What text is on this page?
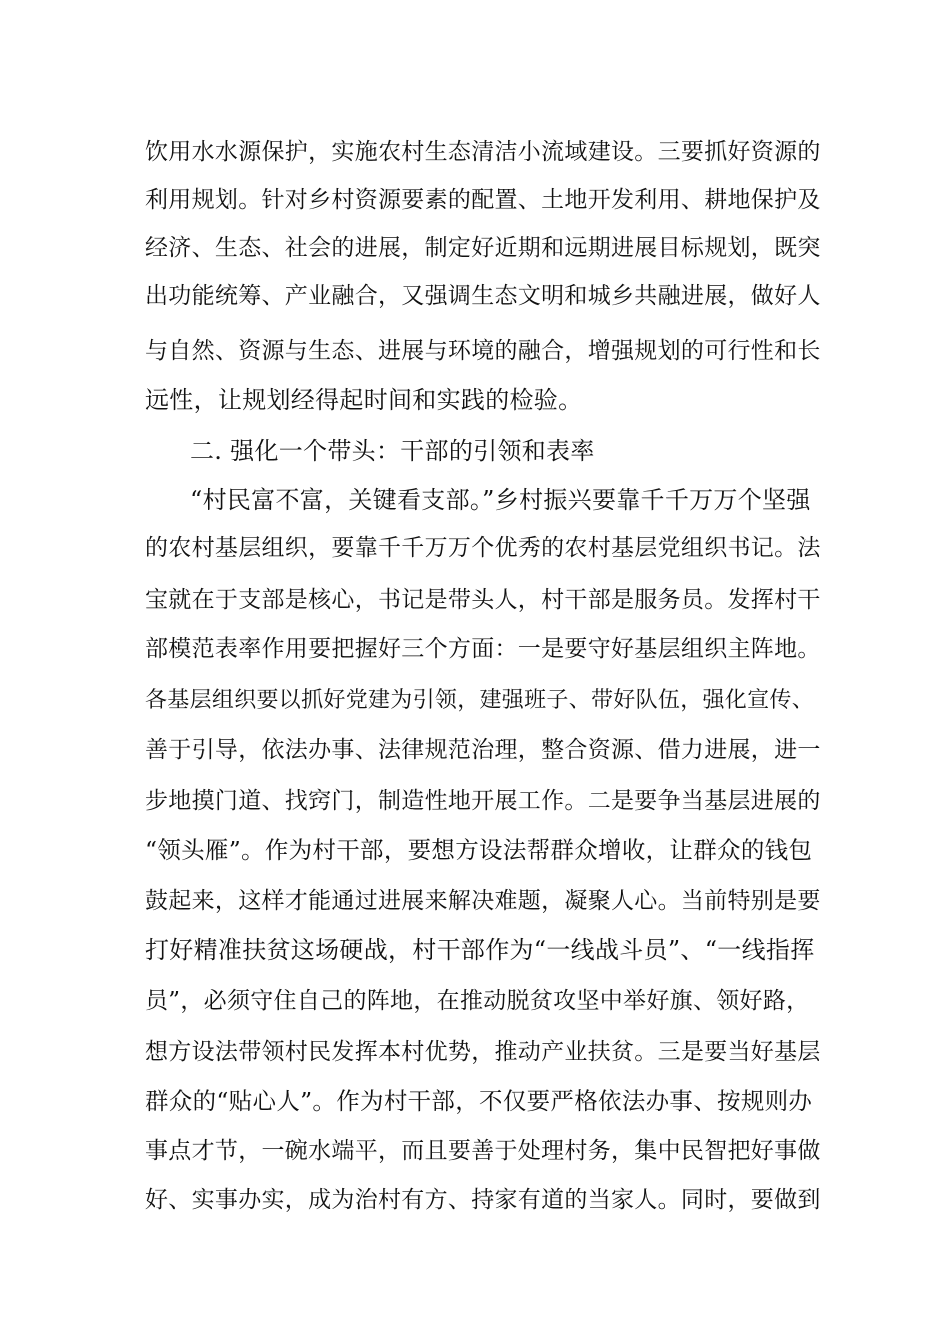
饮用水水源保护，实施农村生态清洁小流域建设。三要抓好资源的
利用规划。针对乡村资源要素的配置、土地开发利用、耕地保护及
经济、生态、社会的进展，制定好近期和远期进展目标规划，既突
出功能统筹、产业融合，又强调生态文明和城乡共融进展，做好人
与自然、资源与生态、进展与环境的融合，增强规划的可行性和长
远性，让规划经得起时间和实践的检验。
二. 强化一个带头：干部的引领和表率
“村民富不富，关键看支部。”乡村振兴要靠千千万万个坚强
的农村基层组织，要靠千千万万个优秀的农村基层党组织书记。法
宝就在于支部是核心，书记是带头人，村干部是服务员。发挥村干
部模范表率作用要把握好三个方面：一是要守好基层组织主阵地。
各基层组织要以抓好党建为引领，建强班子、带好队伍，强化宣传、
善于引导，依法办事、法律规范治理，整合资源、借力进展，进一
步地摸门道、找窍门，制造性地开展工作。二是要争当基层进展的
“领头雁”。作为村干部，要想方设法帮群众增收，让群众的钱包
鼓起来，这样才能通过进展来解决难题，凝聚人心。当前特别是要
打好精准扶贫这场硬战，村干部作为“一线战斗员”、“一线指挥
员”，必须守住自己的阵地，在推动脱贫攻坚中举好旗、领好路，
想方设法带领村民发挥本村优势，推动产业扶贫。三是要当好基层
群众的“贴心人”。作为村干部，不仅要严格依法办事、按规则办
事点才节，一碗水端平，而且要善于处理村务，集中民智把好事做
好、实事办实，成为治村有方、持家有道的当家人。同时，要做到
